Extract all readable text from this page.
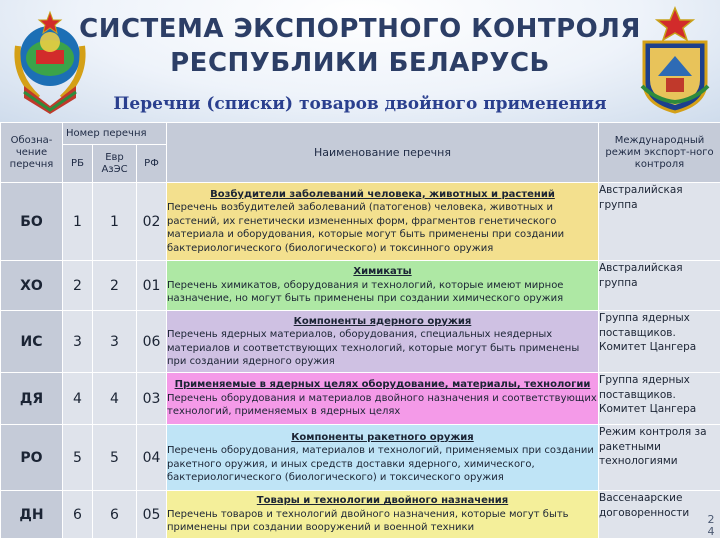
СИСТЕМА ЭКСПОРТНОГО КОНТРОЛЯ
РЕСПУБЛИКИ БЕЛАРУСЬ
Перечни (списки) товаров двойного применения
Обозна-чение перечня	Номер перечня			Наименование перечня	Международный режим экспорт-ного контроля
	РБ	Евр АзЭС	РФ		
БО	1	1	02	Возбудители заболеваний человека, животных и растений
Перечень возбудителей заболеваний (патогенов) человека, животных и растений, их генетически измененных форм, фрагментов генетического материала и оборудования, которые могут быть применены при создании бактериологического (биологического) и токсинного оружия	Австралийская группа
ХО	2	2	01	Химикаты
Перечень химикатов, оборудования и технологий, которые имеют мирное назначение, но могут быть применены при создании химического оружия	Австралийская группа
ИС	3	3	06	Компоненты ядерного оружия
Перечень ядерных материалов, оборудования, специальных неядерных материалов и соответствующих технологий, которые могут быть применены при создании ядерного оружия	Группа ядерных поставщиков. Комитет Цангера
ДЯ	4	4	03	Применяемые в ядерных целях оборудование, материалы, технологии
Перечень оборудования и материалов двойного назначения и соответствующих технологий, применяемых в ядерных целях	Группа ядерных поставщиков. Комитет Цангера
РО	5	5	04	Компоненты ракетного оружия
Перечень оборудования, материалов и технологий, применяемых при создании ракетного оружия, и иных средств доставки ядерного, химического, бактериологического (биологического) и токсического оружия	Режим контроля за ракетными технологиями
ДН	6	6	05	Товары и технологии двойного назначения
Перечень товаров и технологий двойного назначения, которые могут быть применены при создании вооружений и военной техники	Вассенаарские договоренности
2 4
